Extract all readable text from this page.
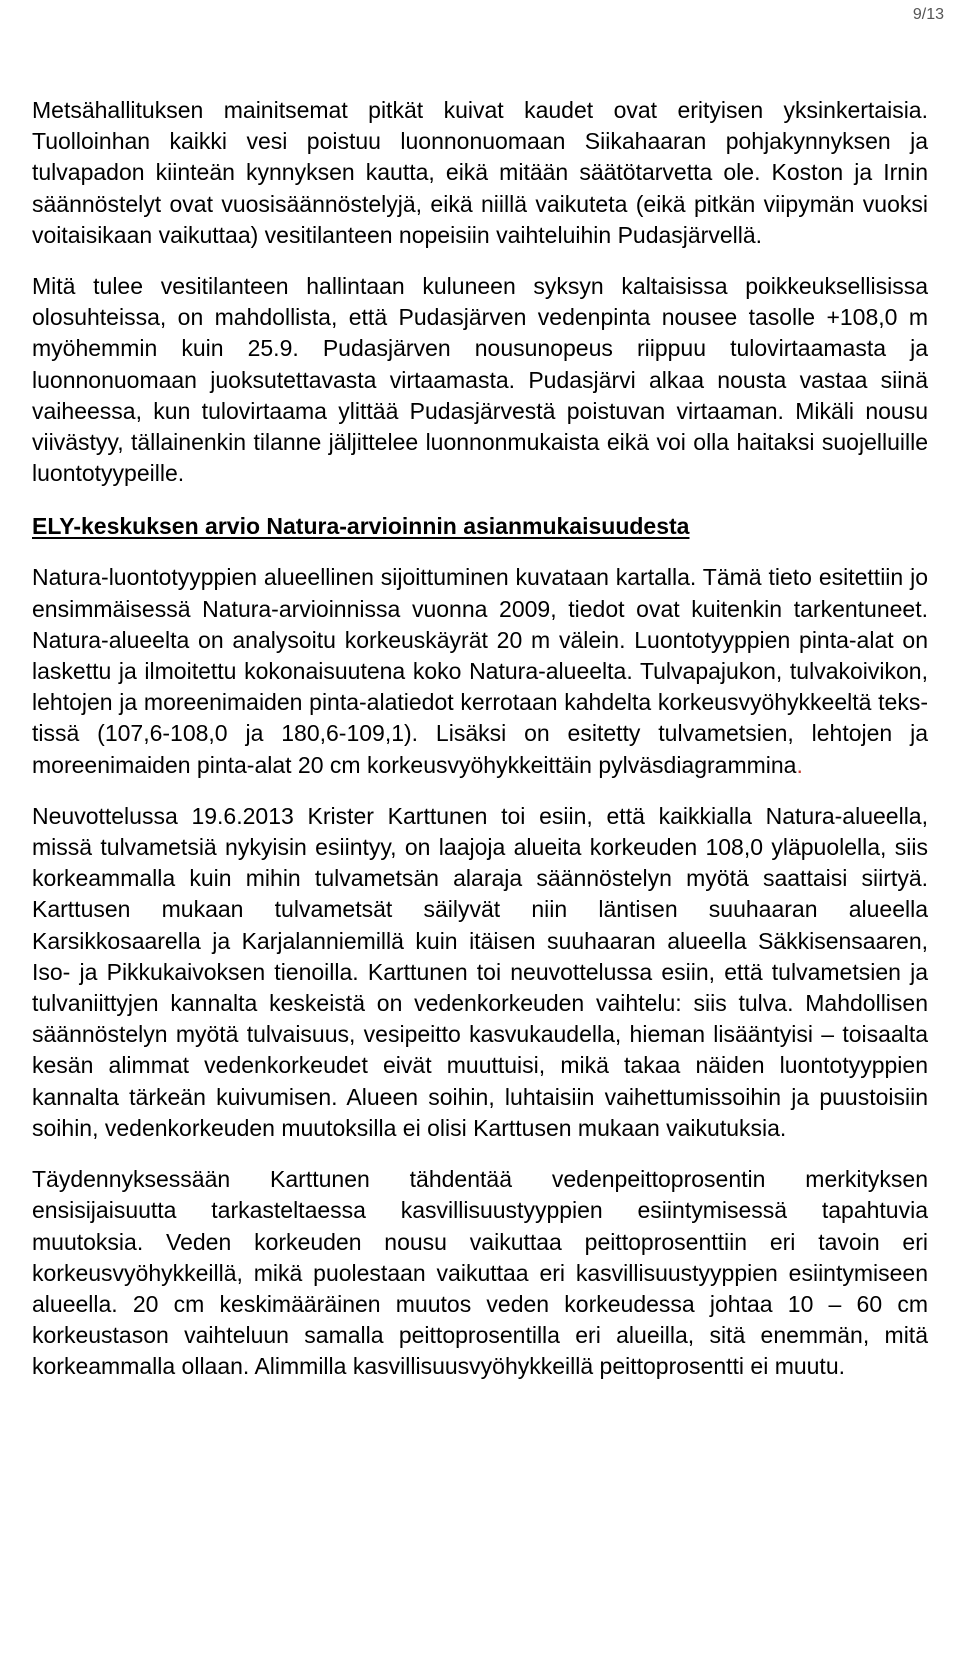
9/13

Metsähallituksen mainitsemat pitkät kuivat kaudet ovat erityisen yksinkertaisia. Tuolloinhan kaikki vesi poistuu luonnonuomaan Siikahaaran pohjakynnyksen ja tulvapadon kiinteän kynnyksen kautta, eikä mitään säätötarvetta ole. Koston ja Irnin säännöstelyt ovat vuosisäännöstelyjä, eikä niillä vaikuteta (eikä pitkän viipymän vuoksi voitaisikaan vaikuttaa) vesitilanteen nopeisiin vaihteluihin Pudasjärvellä.

Mitä tulee vesitilanteen hallintaan kuluneen syksyn kaltaisissa poikkeuksellisissa olosuhteissa, on mahdollista, että Pudasjärven vedenpinta nousee tasolle +108,0 m myöhemmin kuin 25.9. Pudasjärven nousunopeus riippuu tulovirtaamasta ja luonnonuomaan juoksutettavasta virtaamasta. Pudasjärvi alkaa nousta vastaa siinä vaiheessa, kun tulovirtaama ylittää Pudasjärvestä poistuvan virtaaman. Mikäli nousu viivästyy, tällainenkin tilanne jäljittelee luonnonmukaista eikä voi olla haitaksi suojelluille luontotyypeille.

ELY-keskuksen arvio Natura-arvioinnin asianmukaisuudesta

Natura-luontotyyppien alueellinen sijoittuminen kuvataan kartalla. Tämä tieto esitettiin jo ensimmäisessä Natura-arvioinnissa vuonna 2009, tiedot ovat kuitenkin tarkentuneet. Natura-alueelta on analysoitu korkeuskäyrät 20 m välein. Luontotyyppien pinta-alat on laskettu ja ilmoitettu kokonaisuutena koko Natura-alueelta. Tulvapajukon, tulvakoivikon, lehtojen ja moreenimaiden pinta-alatiedot kerrotaan kahdelta korkeusvyöhykkeeltä tekstissä (107,6-108,0 ja 180,6-109,1). Lisäksi on esitetty tulvametsien, lehtojen ja moreenimaiden pinta-alat 20 cm korkeusvyöhykkeittäin pylväsdiagrammina.

Neuvottelussa 19.6.2013 Krister Karttunen toi esiin, että kaikkialla Natura-alueella, missä tulvametsiä nykyisin esiintyy, on laajoja alueita korkeuden 108,0 yläpuolella, siis korkeammalla kuin mihin tulvametsän alaraja säännöstelyn myötä saattaisi siirtyä. Karttusen mukaan tulvametsät säilyvät niin läntisen suuhaaran alueella Karsikkosaarella ja Karjalanniemillä kuin itäisen suuhaaran alueella Säkkisensaaren, Iso- ja Pikkukaivoksen tienoilla. Karttunen toi neuvottelussa esiin, että tulvametsien ja tulvaniittyjen kannalta keskeistä on vedenkorkeuden vaihtelu: siis tulva. Mahdollisen säännöstelyn myötä tulvaisuus, vesipeitto kasvukaudella, hieman lisääntyisi – toisaalta kesän alimmat vedenkorkeudet eivät muuttuisi, mikä takaa näiden luontotyyppien kannalta tärkeän kuivumisen. Alueen soihin, luhtaisiin vaihettumissoihin ja puustoisiin soihin, vedenkorkeuden muutoksilla ei olisi Karttusen mukaan vaikutuksia.

Täydennyksessään Karttunen tähdentää vedenpeittoprosentin merkityksen ensisijaisuutta tarkasteltaessa kasvillisuustyyppien esiintymisessä tapahtuvia muutoksia. Veden korkeuden nousu vaikuttaa peittoprosenttiin eri tavoin eri korkeusvyöhykkeillä, mikä puolestaan vaikuttaa eri kasvillisuustyyppien esiintymiseen alueella. 20 cm keskimääräinen muutos veden korkeudessa johtaa 10 – 60 cm korkeustason vaihteluun samalla peittoprosentilla eri alueilla, sitä enemmän, mitä korkeammalla ollaan. Alimmilla kasvillisuusvyöhykkeillä peittoprosentti ei muutu.
